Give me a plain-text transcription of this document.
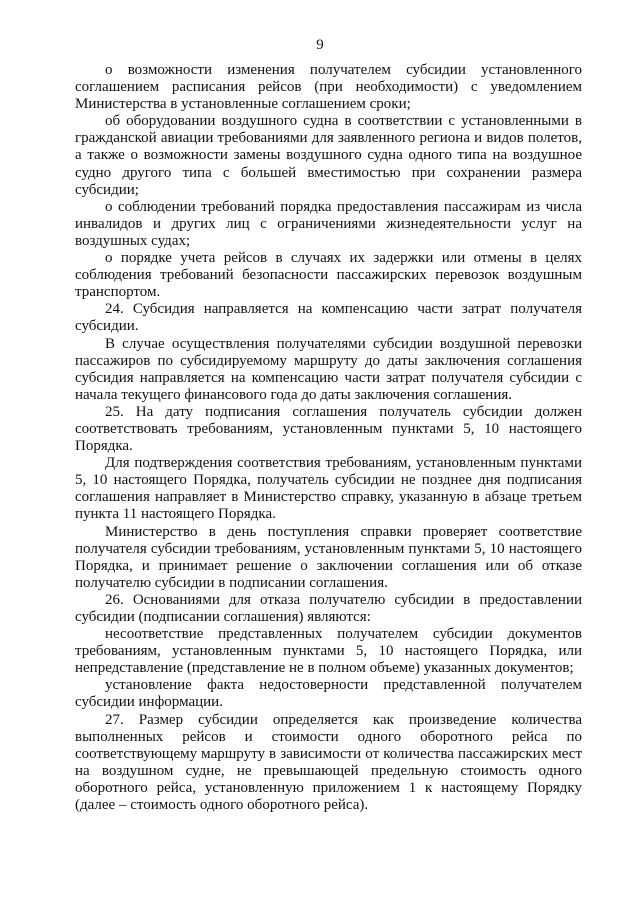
9

о возможности изменения получателем субсидии установленного соглашением расписания рейсов (при необходимости) с уведомлением Министерства в установленные соглашением сроки;

об оборудовании воздушного судна в соответствии с установленными в гражданской авиации требованиями для заявленного региона и видов полетов, а также о возможности замены воздушного судна одного типа на воздушное судно другого типа с большей вместимостью при сохранении размера субсидии;

о соблюдении требований порядка предоставления пассажирам из числа инвалидов и других лиц с ограничениями жизнедеятельности услуг на воздушных судах;

о порядке учета рейсов в случаях их задержки или отмены в целях соблюдения требований безопасности пассажирских перевозок воздушным транспортом.

24. Субсидия направляется на компенсацию части затрат получателя субсидии.

В случае осуществления получателями субсидии воздушной перевозки пассажиров по субсидируемому маршруту до даты заключения соглашения субсидия направляется на компенсацию части затрат получателя субсидии с начала текущего финансового года до даты заключения соглашения.

25. На дату подписания соглашения получатель субсидии должен соответствовать требованиям, установленным пунктами 5, 10 настоящего Порядка.

Для подтверждения соответствия требованиям, установленным пунктами 5, 10 настоящего Порядка, получатель субсидии не позднее дня подписания соглашения направляет в Министерство справку, указанную в абзаце третьем пункта 11 настоящего Порядка.

Министерство в день поступления справки проверяет соответствие получателя субсидии требованиям, установленным пунктами 5, 10 настоящего Порядка, и принимает решение о заключении соглашения или об отказе получателю субсидии в подписании соглашения.

26. Основаниями для отказа получателю субсидии в предоставлении субсидии (подписании соглашения) являются:

несоответствие представленных получателем субсидии документов требованиям, установленным пунктами 5, 10 настоящего Порядка, или непредставление (представление не в полном объеме) указанных документов;

установление факта недостоверности представленной получателем субсидии информации.

27. Размер субсидии определяется как произведение количества выполненных рейсов и стоимости одного оборотного рейса по соответствующему маршруту в зависимости от количества пассажирских мест на воздушном судне, не превышающей предельную стоимость одного оборотного рейса, установленную приложением 1 к настоящему Порядку (далее – стоимость одного оборотного рейса).
